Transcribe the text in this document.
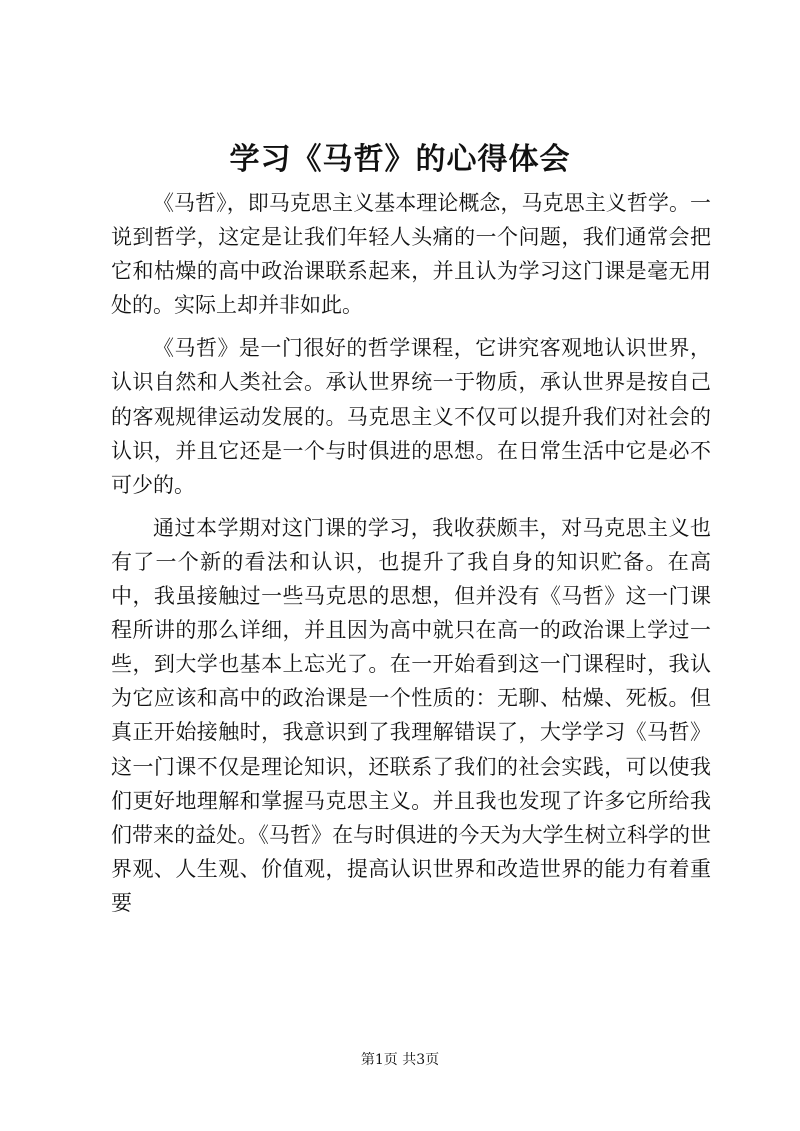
学习《马哲》的心得体会

《马哲》，即马克思主义基本理论概念，马克思主义哲学。一说到哲学，这定是让我们年轻人头痛的一个问题，我们通常会把它和枯燥的高中政治课联系起来，并且认为学习这门课是毫无用处的。实际上却并非如此。

《马哲》是一门很好的哲学课程，它讲究客观地认识世界，认识自然和人类社会。承认世界统一于物质，承认世界是按自己的客观规律运动发展的。马克思主义不仅可以提升我们对社会的认识，并且它还是一个与时俱进的思想。在日常生活中它是必不可少的。

通过本学期对这门课的学习，我收获颇丰，对马克思主义也有了一个新的看法和认识，也提升了我自身的知识贮备。在高中，我虽接触过一些马克思的思想，但并没有《马哲》这一门课程所讲的那么详细，并且因为高中就只在高一的政治课上学过一些，到大学也基本上忘光了。在一开始看到这一门课程时，我认为它应该和高中的政治课是一个性质的：无聊、枯燥、死板。但真正开始接触时，我意识到了我理解错误了，大学学习《马哲》这一门课不仅是理论知识，还联系了我们的社会实践，可以使我们更好地理解和掌握马克思主义。并且我也发现了许多它所给我们带来的益处。《马哲》在与时俱进的今天为大学生树立科学的世界观、人生观、价值观，提高认识世界和改造世界的能力有着重要

第1页 共3页
